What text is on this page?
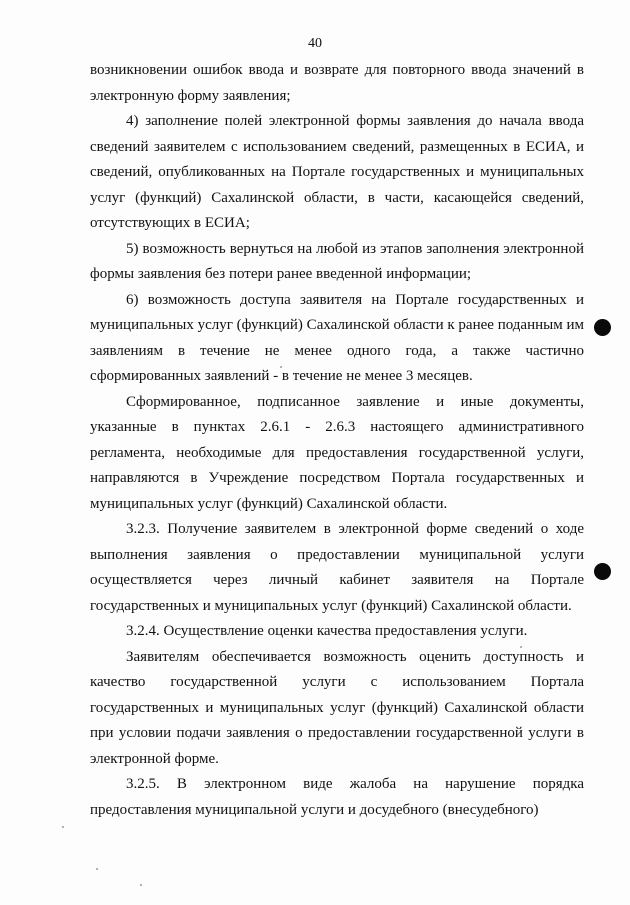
40

возникновении ошибок ввода и возврате для повторного ввода значений в электронную форму заявления;

4) заполнение полей электронной формы заявления до начала ввода сведений заявителем с использованием сведений, размещенных в ЕСИА, и сведений, опубликованных на Портале государственных и муниципальных услуг (функций) Сахалинской области, в части, касающейся сведений, отсутствующих в ЕСИА;

5) возможность вернуться на любой из этапов заполнения электронной формы заявления без потери ранее введенной информации;

6) возможность доступа заявителя на Портале государственных и муниципальных услуг (функций) Сахалинской области к ранее поданным им заявлениям в течение не менее одного года, а также частично сформированных заявлений - в течение не менее 3 месяцев.

Сформированное, подписанное заявление и иные документы, указанные в пунктах 2.6.1 - 2.6.3 настоящего административного регламента, необходимые для предоставления государственной услуги, направляются в Учреждение посредством Портала государственных и муниципальных услуг (функций) Сахалинской области.

3.2.3. Получение заявителем в электронной форме сведений о ходе выполнения заявления о предоставлении муниципальной услуги осуществляется через личный кабинет заявителя на Портале государственных и муниципальных услуг (функций) Сахалинской области.

3.2.4. Осуществление оценки качества предоставления услуги.

Заявителям обеспечивается возможность оценить доступность и качество государственной услуги с использованием Портала государственных и муниципальных услуг (функций) Сахалинской области при условии подачи заявления о предоставлении государственной услуги в электронной форме.

3.2.5. В электронном виде жалоба на нарушение порядка предоставления муниципальной услуги и досудебного (внесудебного)
